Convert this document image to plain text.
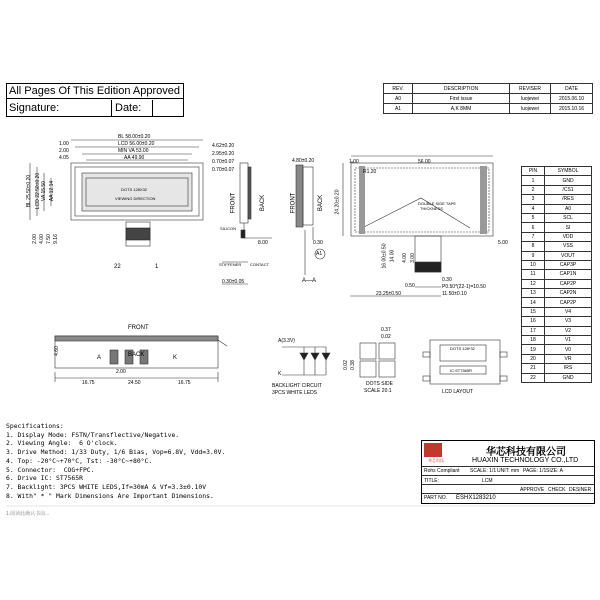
All Pages Of This Edition Approved
Signature:	Date:
REV.	DESCRIPTION	REVISER	DATE
A0	First issue	luojewei	2015.06.10
A1	A,K 8MM	luojewei	2015.10.16
BL 58.00±0.20
LCD 56.00±0.20
MIN VA 53.00
AA 49.90
1.00
2.00
4.05
BL 25.50±0.20 LCD 22.50±0.20 VA 15.50 AA 12.14
2.00 4.00 7.50 9.16
DOTS 128X32
VIEWING DIRECTION
22	1
4.62±0.20
2.95±0.20
0.70±0.07
0.70±0.07
FRONT	BACK
SILICON
STIFFENER CONTACT
0.30±0.05
8.00
4.80±0.20
FRONT	BACK
A—A
A1
0.30
1.00	56.00
R1.20
DOUBLE SIDE TAPE
THICKNESS
24.20±0.20
16.00±0.50 14.00 4.00 3.00
0.50
0.30
P0.50*(22-1)=10.50
11.50±0.10
23.25±0.50
5.00
PIN	SYMBOL
1	GND
2	/CS1
3	/RES
4	A0
5	SCL
6	SI
7	VDD
8	VSS
9	VOUT
10	CAP3P
11	CAP1N
12	CAP2P
13	CAP2N
14	CAP2P
15	V4
16	V3
17	V2
18	V1
19	V0
20	VR
21	IRS
22	GND
FRONT
BACK
A	K
16.75	24.50	16.75
2.00
4.60
A(3.3V)
K
BACKLIGHT CIRCUIT
3PCS WHITE LEDS
0.37
0.02
0.02 0.38
DOTS SIDE
SCALE 20:1
DOTS 128*32
IC:ST7565R
LCD LAYOUT
Specifications:
1. Display Mode: FSTN/Transflective/Negative.
2. Viewing Angle:  6 O'clock.
3. Drive Method: 1/33 Duty, 1/6 Bias, Vop=6.8V, Vdd=3.0V.
4. Top: -20°C~+70°C, Tst: -30°C~+80°C.
5. Connector:  COG+FPC.
6. Drive IC: ST7565R
7. Backlight: 3PCS WHITE LEDS,If=30mA & Vf=3.3±0.10V
8. With" * " Mark Dimensions Are Important Dimensions.
华芯科技
华芯科技有限公司
HUAXIN TECHNOLOGY CO.,LTD
Rohs Compliant SCALE: 1/1 UNIT: mm PAGE: 1/1 SIZE: A
TITLE:	LCM
APPROVE CHECK DESINER
PART NO. ESHX1283210
1.阅读此确认书前...
